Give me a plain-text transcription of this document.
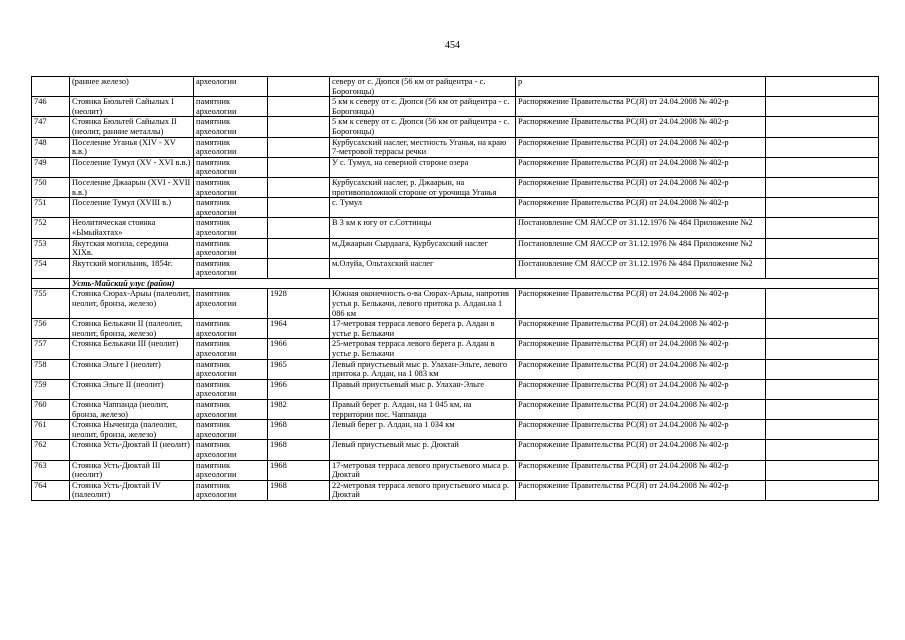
454
	(раннее железо)	археологии		северу от с. Дюпся (56 км от райцентра - с. Борогонцы)	р	
746	Стоянка Бюльтей Сайылых I (неолит)	памятник археологии		5 км к северу от с. Дюпся (56 км от райцентра - с. Борогонцы)	Распоряжение Правительства РС(Я) от 24.04.2008 № 402-р	
747	Стоянка Бюльтей Сайылых II (неолит, ранние металлы)	памятник археологии		5 км к северу от с. Дюпся (56 км от райцентра - с. Борогонцы)	Распоряжение Правительства РС(Я) от 24.04.2008 № 402-р	
748	Поселение Уганья (XIV - XV в.в.)	памятник археологии		Курбусахский наслег, местность Уганья, на краю 7-метровой террасы речки	Распоряжение Правительства РС(Я) от 24.04.2008 № 402-р	
749	Поселение Тумул (XV - XVI в.в.)	памятник археологии		У с. Тумул, на северной стороне озера	Распоряжение Правительства РС(Я) от 24.04.2008 № 402-р	
750	Поселение Джаарын (XVI - XVII в.в.)	памятник археологии		Курбусахский наслег, р. Джаарын, на противоположной стороне от урочища Уганья	Распоряжение Правительства РС(Я) от 24.04.2008 № 402-р	
751	Поселение Тумул (XVIII в.)	памятник археологии		с. Тумул	Распоряжение Правительства РС(Я) от 24.04.2008 № 402-р	
752	Неолитическая стоянка «Ымыйахтах»	памятник археологии		В 3 км к югу от с.Соттинцы	Постановление СМ ЯАССР от 31.12.1976 № 484 Приложение №2	
753	Якутская могила, середина XIXв.	памятник археологии		м.Джаарын Сырдаага, Курбусахский наслег	Постановление СМ ЯАССР от 31.12.1976 № 484 Приложение №2	
754	Якутский могильник, 1854г.	памятник археологии		м.Олуйа, Ольтахский наслег	Постановление СМ ЯАССР от 31.12.1976 № 484 Приложение №2	
	Усть-Майский улус (район)					
755	Стоянка Сюрах-Арыы (палеолит, неолит, бронза, железо)	памятник археологии	1928	Южная оконечность о-ва Сюрах-Арыы, напротив устья р. Белькачи, левого притока р. Алдан.на 1 086 км	Распоряжение Правительства РС(Я) от 24.04.2008 № 402-р	
756	Стоянка Белькачи II (палеолит, неолит, бронза, железо)	памятник археологии	1964	17-метровая терраса левого берега р. Алдан в устье р. Белькачи	Распоряжение Правительства РС(Я) от 24.04.2008 № 402-р	
757	Стоянка Белькачи III (неолит)	памятник археологии	1966	25-метровая терраса левого берега р. Алдан в устье р. Белькачи	Распоряжение Правительства РС(Я) от 24.04.2008 № 402-р	
758	Стоянка Эльге I (неолит)	памятник археологии	1965	Левый приустьевый мыс р. Улахан-Эльге, левого притока р. Алдан, на 1 083 км	Распоряжение Правительства РС(Я) от 24.04.2008 № 402-р	
759	Стоянка Эльге II (неолит)	памятник археологии	1966	Правый приустьевый мыс р. Улахан-Эльге	Распоряжение Правительства РС(Я) от 24.04.2008 № 402-р	
760	Стоянка Чаппанда (неолит, бронза, железо)	памятник археологии	1982	Правый берег р. Алдан, на 1 045 км, на территории пос. Чаппанда	Распоряжение Правительства РС(Я) от 24.04.2008 № 402-р	
761	Стоянка Ныченгда (палеолит, неолит, бронза, железо)	памятник археологии	1968	Левый берег р. Алдан, на 1 034 км	Распоряжение Правительства РС(Я) от 24.04.2008 № 402-р	
762	Стоянка Усть-Дюктай II (неолит)	памятник археологии	1968	Левый приустьевый мыс р. Дюктай	Распоряжение Правительства РС(Я) от 24.04.2008 № 402-р	
763	Стоянка Усть-Дюктай III (неолит)	памятник археологии	1968	17-метровая терраса левого приустьевого мыса р. Дюктай	Распоряжение Правительства РС(Я) от 24.04.2008 № 402-р	
764	Стоянка Усть-Дюктай IV (палеолит)	памятник археологии	1968	22-метровая терраса левого приустьевого мыса р. Дюктай	Распоряжение Правительства РС(Я) от 24.04.2008 № 402-р	
